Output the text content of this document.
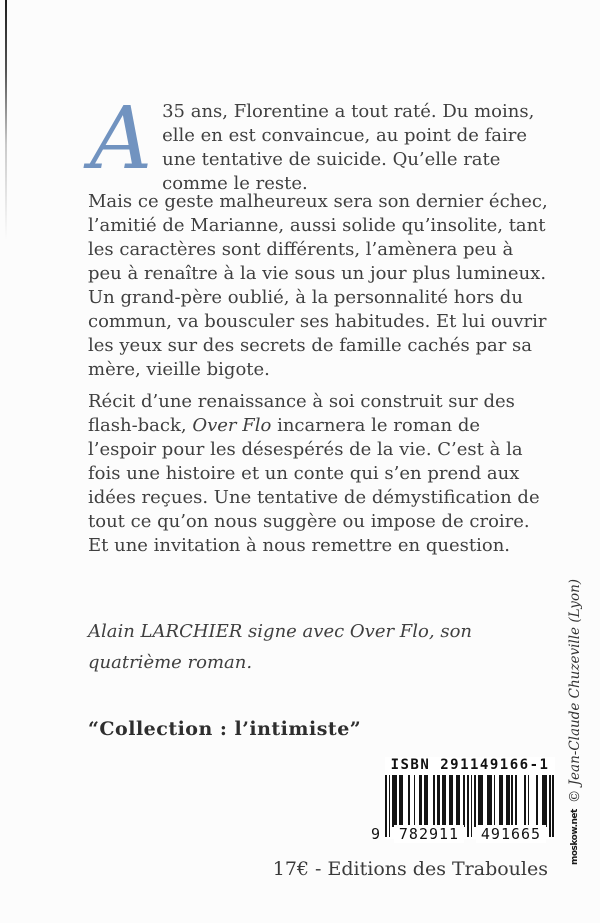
A 35 ans, Florentine a tout raté. Du moins, elle en est convaincue, au point de faire une tentative de suicide. Qu’elle rate comme le reste.

Mais ce geste malheureux sera son dernier échec, l’amitié de Marianne, aussi solide qu’insolite, tant les caractères sont différents, l’amènera peu à peu à renaître à la vie sous un jour plus lumineux. Un grand-père oublié, à la personnalité hors du commun, va bousculer ses habitudes. Et lui ouvrir les yeux sur des secrets de famille cachés par sa mère, vieille bigote.

Récit d’une renaissance à soi construit sur des flash-back, Over Flo incarnera le roman de l’espoir pour les désespérés de la vie. C’est à la fois une histoire et un conte qui s’en prend aux idées reçues. Une tentative de démystification de tout ce qu’on nous suggère ou impose de croire. Et une invitation à nous remettre en question.

Alain LARCHIER signe avec Over Flo, son quatrième roman.

“Collection : l’intimiste”
ISBN 291149166-1
9	782911	491665	moskow.net
© Jean-Claude Chuzeville (Lyon)
17€ - Editions des Traboules
